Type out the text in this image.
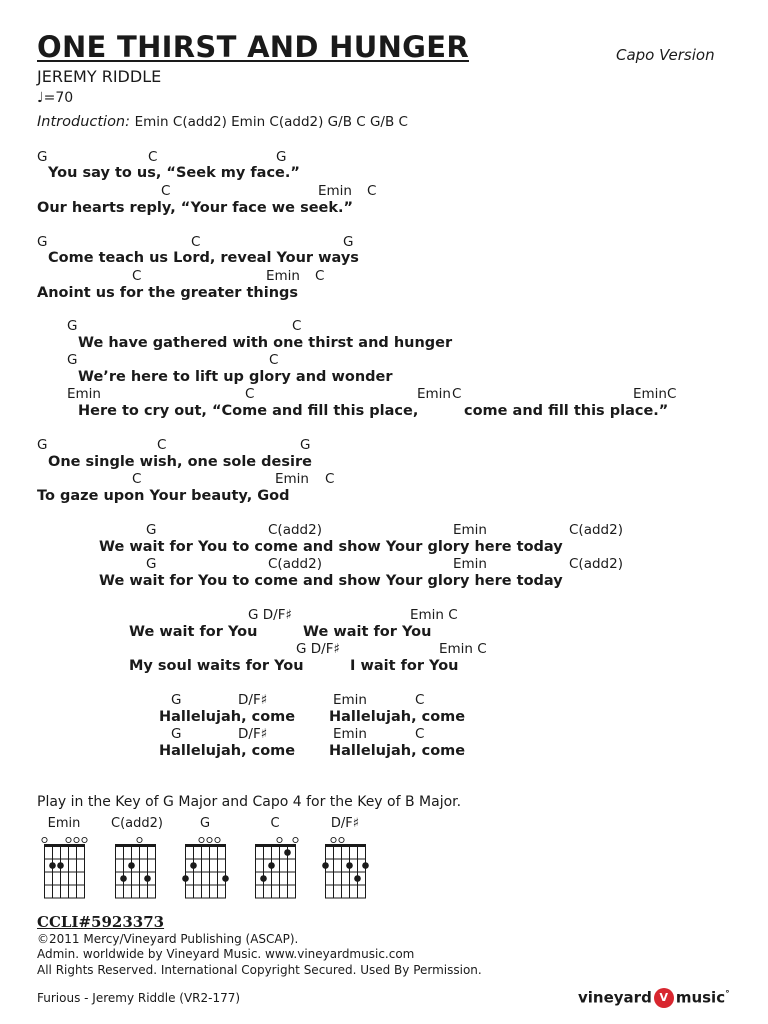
ONE THIRST AND HUNGER	Capo Version
JEREMY RIDDLE
♩=70
Introduction: Emin C(add2) Emin C(add2) G/B C G/B C
G	C	G
You say to us, “Seek my face.”
C	Emin C
Our hearts reply, “Your face we seek.”
G	C	G
Come teach us Lord, reveal Your ways
C	Emin C
Anoint us for the greater things
G	C
We have gathered with one thirst and hunger
G	C
We’re here to lift up glory and wonder
Emin	C	Emin C	Emin C
Here to cry out, “Come and fill this place,	come and fill this place.”
G	C	G
One single wish, one sole desire
C	Emin C
To gaze upon Your beauty, God
G	C(add2)	Emin	C(add2)
We wait for You to come and show Your glory here today
G	C(add2)	Emin	C(add2)
We wait for You to come and show Your glory here today
G D/F♯	Emin C
We wait for You	We wait for You
G D/F♯	Emin C
My soul waits for You	I wait for You
G	D/F♯	Emin	C
Hallelujah, come Hallelujah, come
G	D/F♯	Emin	C
Hallelujah, come Hallelujah, come
Play in the Key of G Major and Capo 4 for the Key of B Major.
Emin	C(add2)	G	C	D/F♯
CCLI#5923373
©2011 Mercy/Vineyard Publishing (ASCAP).
Admin. worldwide by Vineyard Music. www.vineyardmusic.com
All Rights Reserved. International Copyright Secured. Used By Permission.
Furious - Jeremy Riddle (VR2-177)	vineyard V music°
